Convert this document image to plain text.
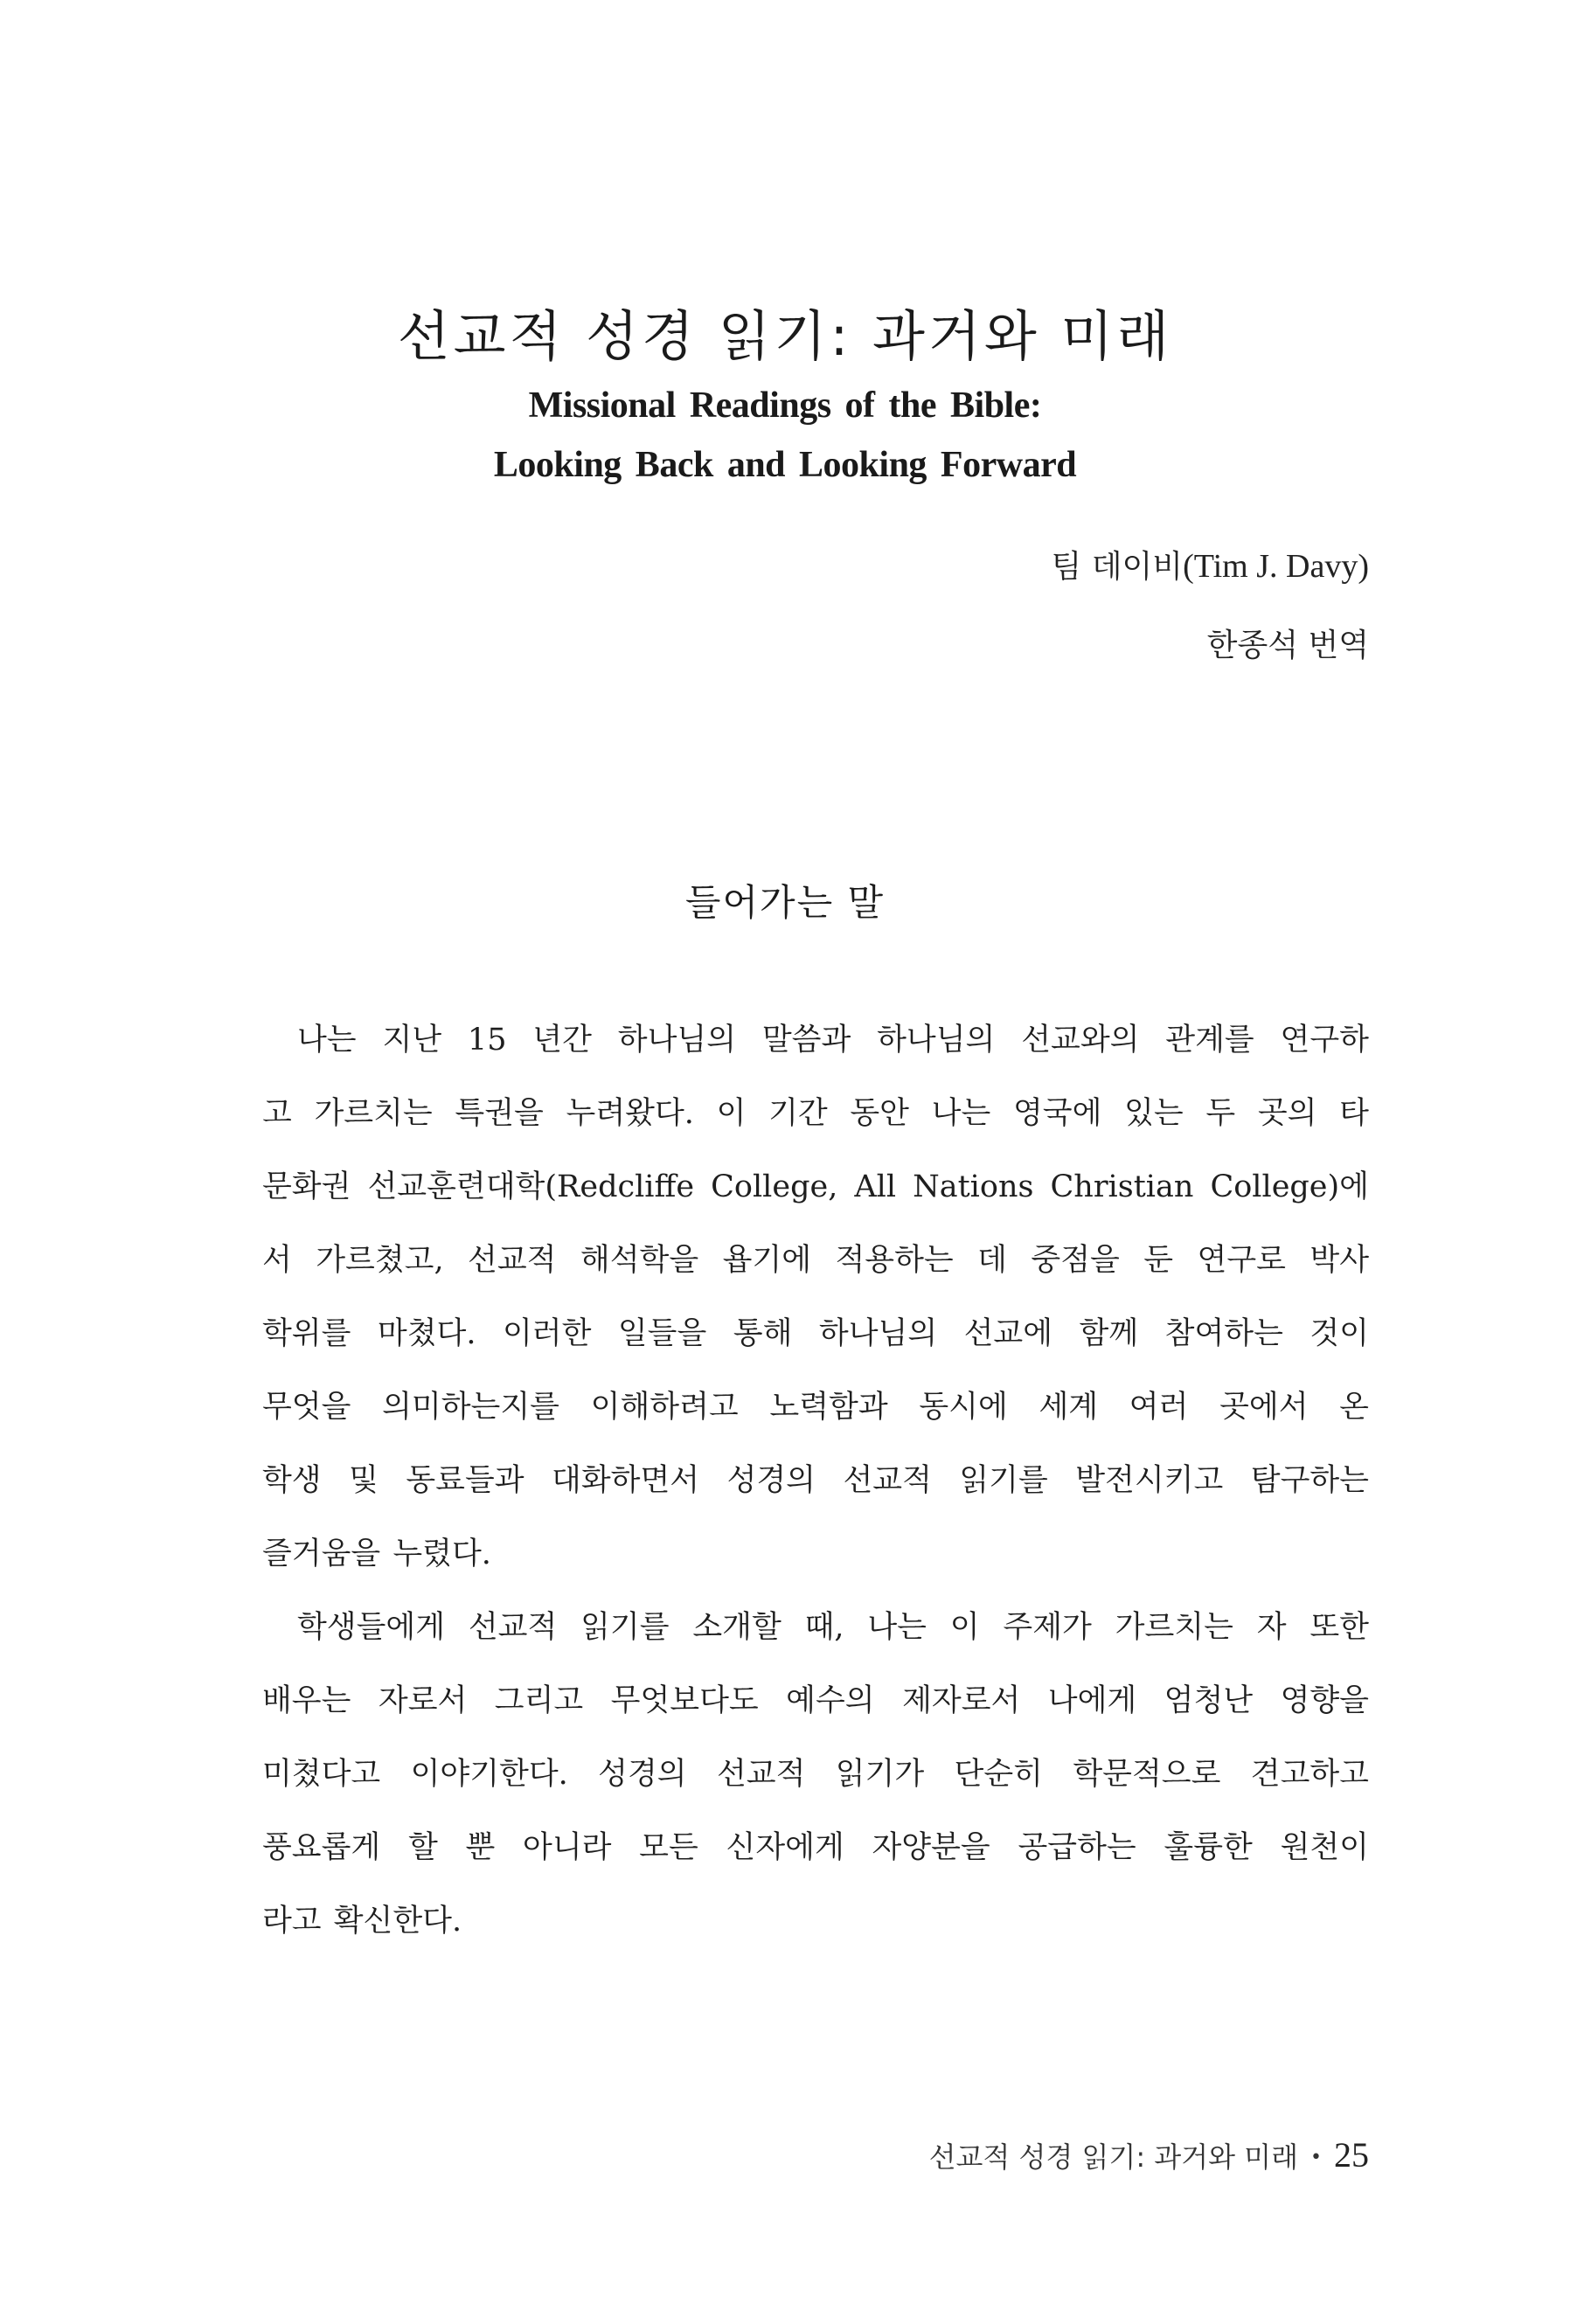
선교적 성경 읽기: 과거와 미래
Missional Readings of the Bible:
Looking Back and Looking Forward
팀 데이비(Tim J. Davy)
한종석 번역
들어가는 말
나는 지난 15 년간 하나님의 말씀과 하나님의 선교와의 관계를 연구하
고 가르치는 특권을 누려왔다. 이 기간 동안 나는 영국에 있는 두 곳의 타
문화권 선교훈련대학(Redcliffe College, All Nations Christian College)에
서 가르쳤고, 선교적 해석학을 욥기에 적용하는 데 중점을 둔 연구로 박사
학위를 마쳤다. 이러한 일들을 통해 하나님의 선교에 함께 참여하는 것이
무엇을 의미하는지를 이해하려고 노력함과 동시에 세계 여러 곳에서 온
학생 및 동료들과 대화하면서 성경의 선교적 읽기를 발전시키고 탐구하는
즐거움을 누렸다.
학생들에게 선교적 읽기를 소개할 때, 나는 이 주제가 가르치는 자 또한
배우는 자로서 그리고 무엇보다도 예수의 제자로서 나에게 엄청난 영향을
미쳤다고 이야기한다. 성경의 선교적 읽기가 단순히 학문적으로 견고하고
풍요롭게 할 뿐 아니라 모든 신자에게 자양분을 공급하는 훌륭한 원천이
라고 확신한다.
선교적 성경 읽기: 과거와 미래 • 25
